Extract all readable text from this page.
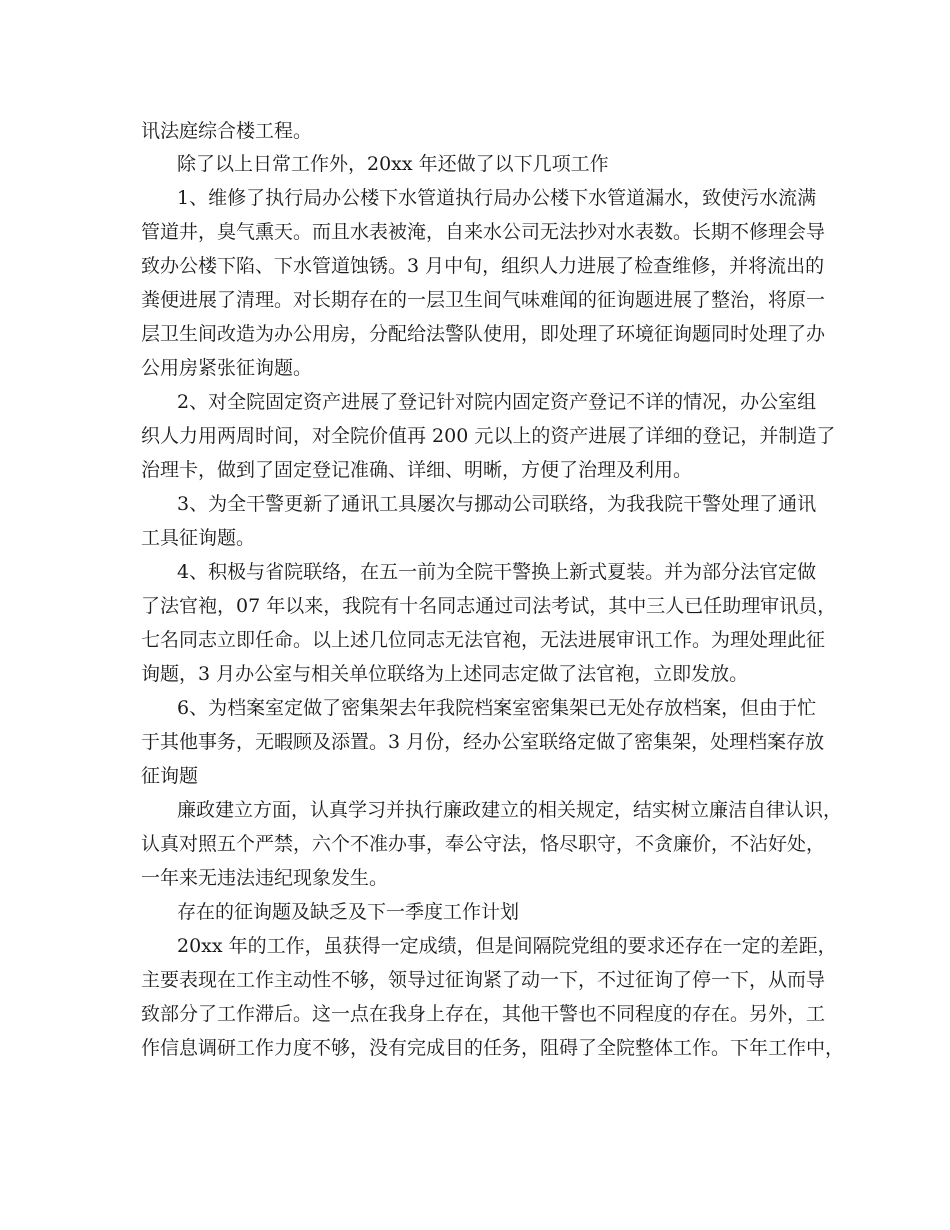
讯法庭综合楼工程。
除了以上日常工作外，20xx 年还做了以下几项工作
1、维修了执行局办公楼下水管道执行局办公楼下水管道漏水，致使污水流满
管道井，臭气熏天。而且水表被淹，自来水公司无法抄对水表数。长期不修理会导
致办公楼下陷、下水管道蚀锈。3 月中旬，组织人力进展了检查维修，并将流出的
粪便进展了清理。对长期存在的一层卫生间气味难闻的征询题进展了整治，将原一
层卫生间改造为办公用房，分配给法警队使用，即处理了环境征询题同时处理了办
公用房紧张征询题。
2、对全院固定资产进展了登记针对院内固定资产登记不详的情况，办公室组
织人力用两周时间，对全院价值再 200 元以上的资产进展了详细的登记，并制造了
治理卡，做到了固定登记准确、详细、明晰，方便了治理及利用。
3、为全干警更新了通讯工具屡次与挪动公司联络，为我我院干警处理了通讯
工具征询题。
4、积极与省院联络，在五一前为全院干警换上新式夏装。并为部分法官定做
了法官袍，07 年以来，我院有十名同志通过司法考试，其中三人已任助理审讯员，
七名同志立即任命。以上述几位同志无法官袍，无法进展审讯工作。为理处理此征
询题，3 月办公室与相关单位联络为上述同志定做了法官袍，立即发放。
6、为档案室定做了密集架去年我院档案室密集架已无处存放档案，但由于忙
于其他事务，无暇顾及添置。3 月份，经办公室联络定做了密集架，处理档案存放
征询题
廉政建立方面，认真学习并执行廉政建立的相关规定，结实树立廉洁自律认识，
认真对照五个严禁，六个不准办事，奉公守法，恪尽职守，不贪廉价，不沾好处，
一年来无违法违纪现象发生。
存在的征询题及缺乏及下一季度工作计划
20xx 年的工作，虽获得一定成绩，但是间隔院党组的要求还存在一定的差距，
主要表现在工作主动性不够，领导过征询紧了动一下，不过征询了停一下，从而导
致部分了工作滞后。这一点在我身上存在，其他干警也不同程度的存在。另外，工
作信息调研工作力度不够，没有完成目的任务，阻碍了全院整体工作。下年工作中，
